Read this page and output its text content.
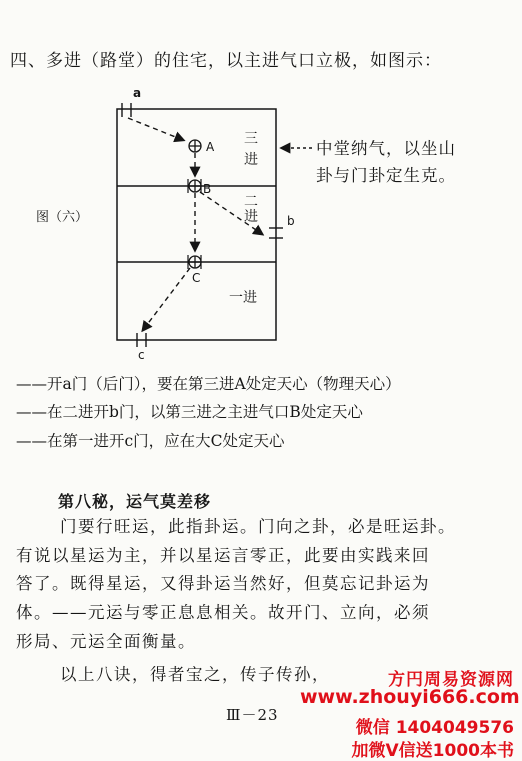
四、多进（路堂）的住宅，以主进气口立极，如图示：
图（六）
a
b
c
A
B
C
三
进
二
进
一进
中堂纳气，以坐山
卦与门卦定生克。
——开a门（后门），要在第三进A处定天心（物理天心）
——在二进开b门，以第三进之主进气口B处定天心
——在第一进开c门，应在大C处定天心
第八秘，运气莫差移
门要行旺运，此指卦运。门向之卦，必是旺运卦。
有说以星运为主，并以星运言零正，此要由实践来回
答了。既得星运，又得卦运当然好，但莫忘记卦运为
体。——元运与零正息息相关。故开门、立向，必须
形局、元运全面衡量。
以上八诀，得者宝之，传子传孙，
Ⅲ－23
方円周易资源网
www.zhouyi666.com
微信 1404049576
加微V信送1000本书
